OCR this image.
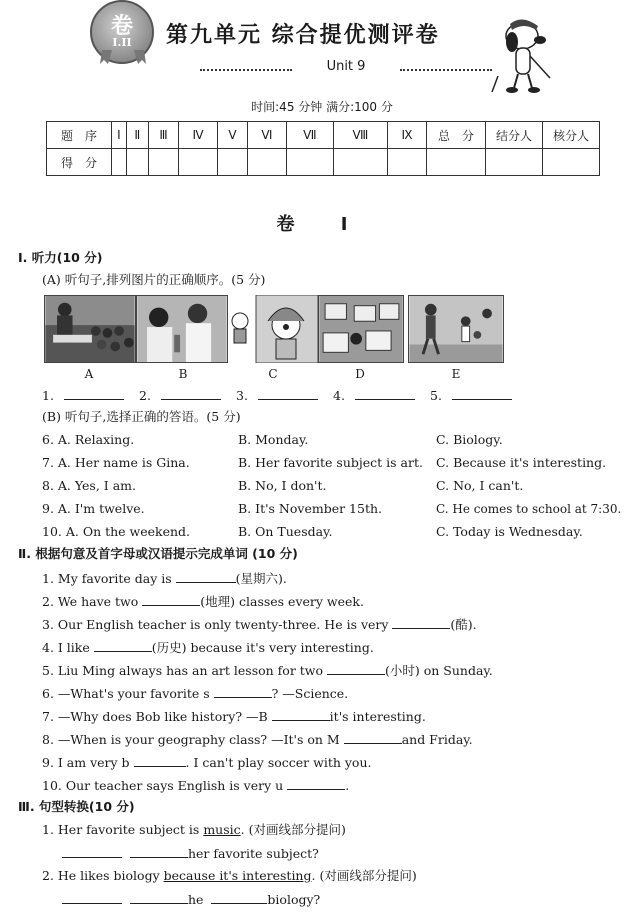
卷
I.II 第九单元 综合提优测评卷
Unit 9
时间:45 分钟 满分:100 分
题　序	Ⅰ	Ⅱ	Ⅲ	Ⅳ	Ⅴ	Ⅵ	Ⅶ	Ⅷ	Ⅸ	总　分	结分人	核分人
得　分												
卷 Ⅰ
Ⅰ. 听力(10 分)
(A) 听句子,排列图片的正确顺序。(5 分)
A	B	C	D	E
1.	2.	3.	4.	5.
(B) 听句子,选择正确的答语。(5 分)
6. A. Relaxing.	B. Monday.	C. Biology.
7. A. Her name is Gina.	B. Her favorite subject is art. C. Because it's interesting.
8. A. Yes, I am.	B. No, I don't.	C. No, I can't.
9. A. I'm twelve.	B. It's November 15th.	C. He comes to school at 7:30.
10. A. On the weekend.	B. On Tuesday.	C. Today is Wednesday.
Ⅱ. 根据句意及首字母或汉语提示完成单词 (10 分)
1. My favorite day is	(星期六).
2. We have two	(地理) classes every week.
3. Our English teacher is only twenty-three. He is very	(酷).
4. I like	(历史) because it's very interesting.
5. Liu Ming always has an art lesson for two	(小时) on Sunday.
6. —What's your favorite s	? —Science.
7. —Why does Bob like history? —B	it's interesting.
8. —When is your geography class? —It's on M	and Friday.
9. I am very b	. I can't play soccer with you.
10. Our teacher says English is very u	.
Ⅲ. 句型转换(10 分)
1. Her favorite subject is music. (对画线部分提问)
her favorite subject?
2. He likes biology because it's interesting. (对画线部分提问)
he	biology?
